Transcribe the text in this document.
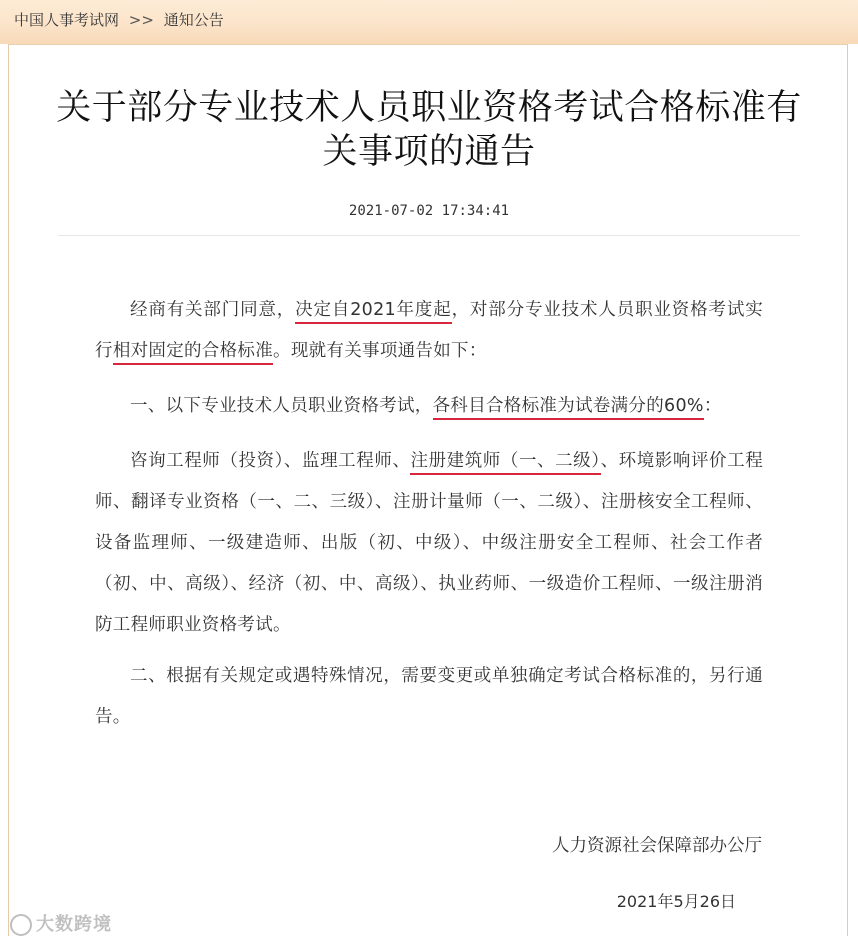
中国人事考试网 >> 通知公告
关于部分专业技术人员职业资格考试合格标准有关事项的通告
2021-07-02 17:34:41

经商有关部门同意，决定自2021年度起，对部分专业技术人员职业资格考试实行相对固定的合格标准。现就有关事项通告如下：

一、以下专业技术人员职业资格考试，各科目合格标准为试卷满分的60%：

咨询工程师（投资）、监理工程师、注册建筑师（一、二级）、环境影响评价工程师、翻译专业资格（一、二、三级）、注册计量师（一、二级）、注册核安全工程师、设备监理师、一级建造师、出版（初、中级）、中级注册安全工程师、社会工作者（初、中、高级）、经济（初、中、高级）、执业药师、一级造价工程师、一级注册消防工程师职业资格考试。

二、根据有关规定或遇特殊情况，需要变更或单独确定考试合格标准的，另行通告。

人力资源社会保障部办公厅
2021年5月26日
大数跨境
